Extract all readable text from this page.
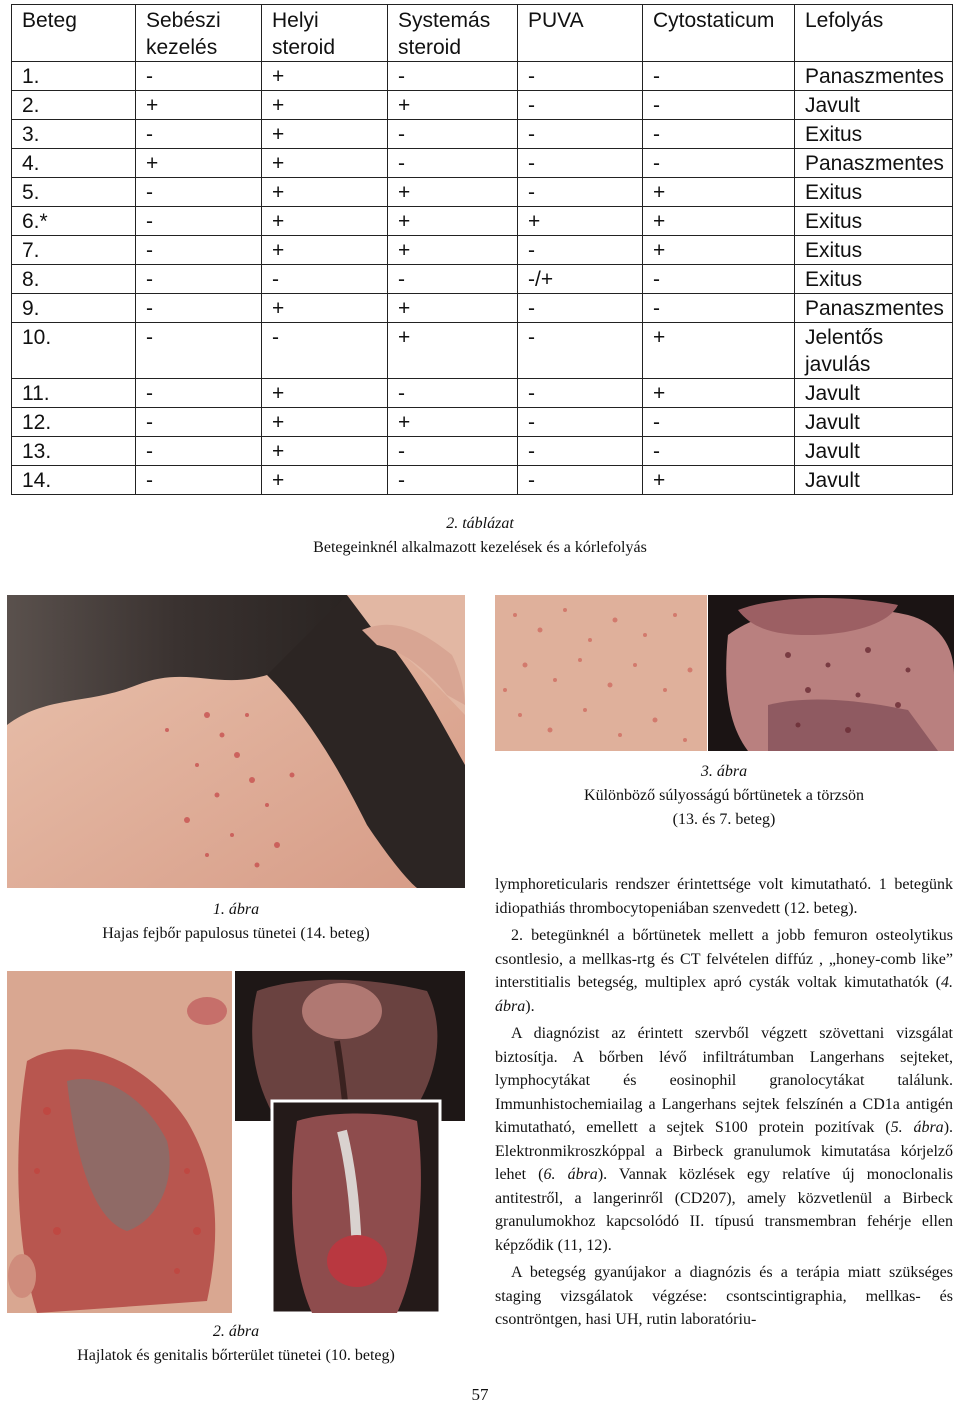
Beteg	Sebészi kezelés	Helyi steroid	Systemás steroid	PUVA	Cytostaticum	Lefolyás
1.	-	+	-	-	-	Panaszmentes
2.	+	+	+	-	-	Javult
3.	-	+	-	-	-	Exitus
4.	+	+	-	-	-	Panaszmentes
5.	-	+	+	-	+	Exitus
6.*	-	+	+	+	+	Exitus
7.	-	+	+	-	+	Exitus
8.	-	-	-	-/+	-	Exitus
9.	-	+	+	-	-	Panaszmentes
10.	-	-	+	-	+	Jelentős javulás
11.	-	+	-	-	+	Javult
12.	-	+	+	-	-	Javult
13.	-	+	-	-	-	Javult
14.	-	+	-	-	+	Javult
2. táblázat
Betegeinknél alkalmazott kezelések és a kórlefolyás
1. ábra
Hajas fejbőr papulosus tünetei (14. beteg)
3. ábra
Különböző súlyosságú bőrtünetek a törzsön
(13. és 7. beteg)
2. ábra
Hajlatok és genitalis bőrterület tünetei (10. beteg)

lymphoreticularis rendszer érintettsége volt kimutatható. 1 betegünk idiopathiás thrombocytopeniában szenvedett (12. beteg).

2. betegünknél a bőrtünetek mellett a jobb femuron osteolytikus csontlesio, a mellkas-rtg és CT felvételen diffúz , „honey-comb like” interstitialis betegség, multiplex apró cysták voltak kimutathatók (4. ábra).

A diagnózist az érintett szervből végzett szövettani vizsgálat biztosítja. A bőrben lévő infiltrátumban Langerhans sejteket, lymphocytákat és eosinophil granolocytákat találunk. Immunhistochemiailag a Langerhans sejtek felszínén a CD1a antigén kimutatható, emellett a sejtek S100 protein pozitívak (5. ábra). Elektronmikroszkóppal a Birbeck granulumok kimutatása kórjelző lehet (6. ábra). Vannak közlések egy relatíve új monoclonalis antitestről, a langerinről (CD207), amely közvetlenül a Birbeck granulumokhoz kapcsolódó II. típusú transmembran fehérje ellen képződik (11, 12).

A betegség gyanújakor a diagnózis és a terápia miatt szükséges staging vizsgálatok végzése: csontscintigraphia, mellkas- és csontröntgen, hasi UH, rutin laboratóriu-

57
